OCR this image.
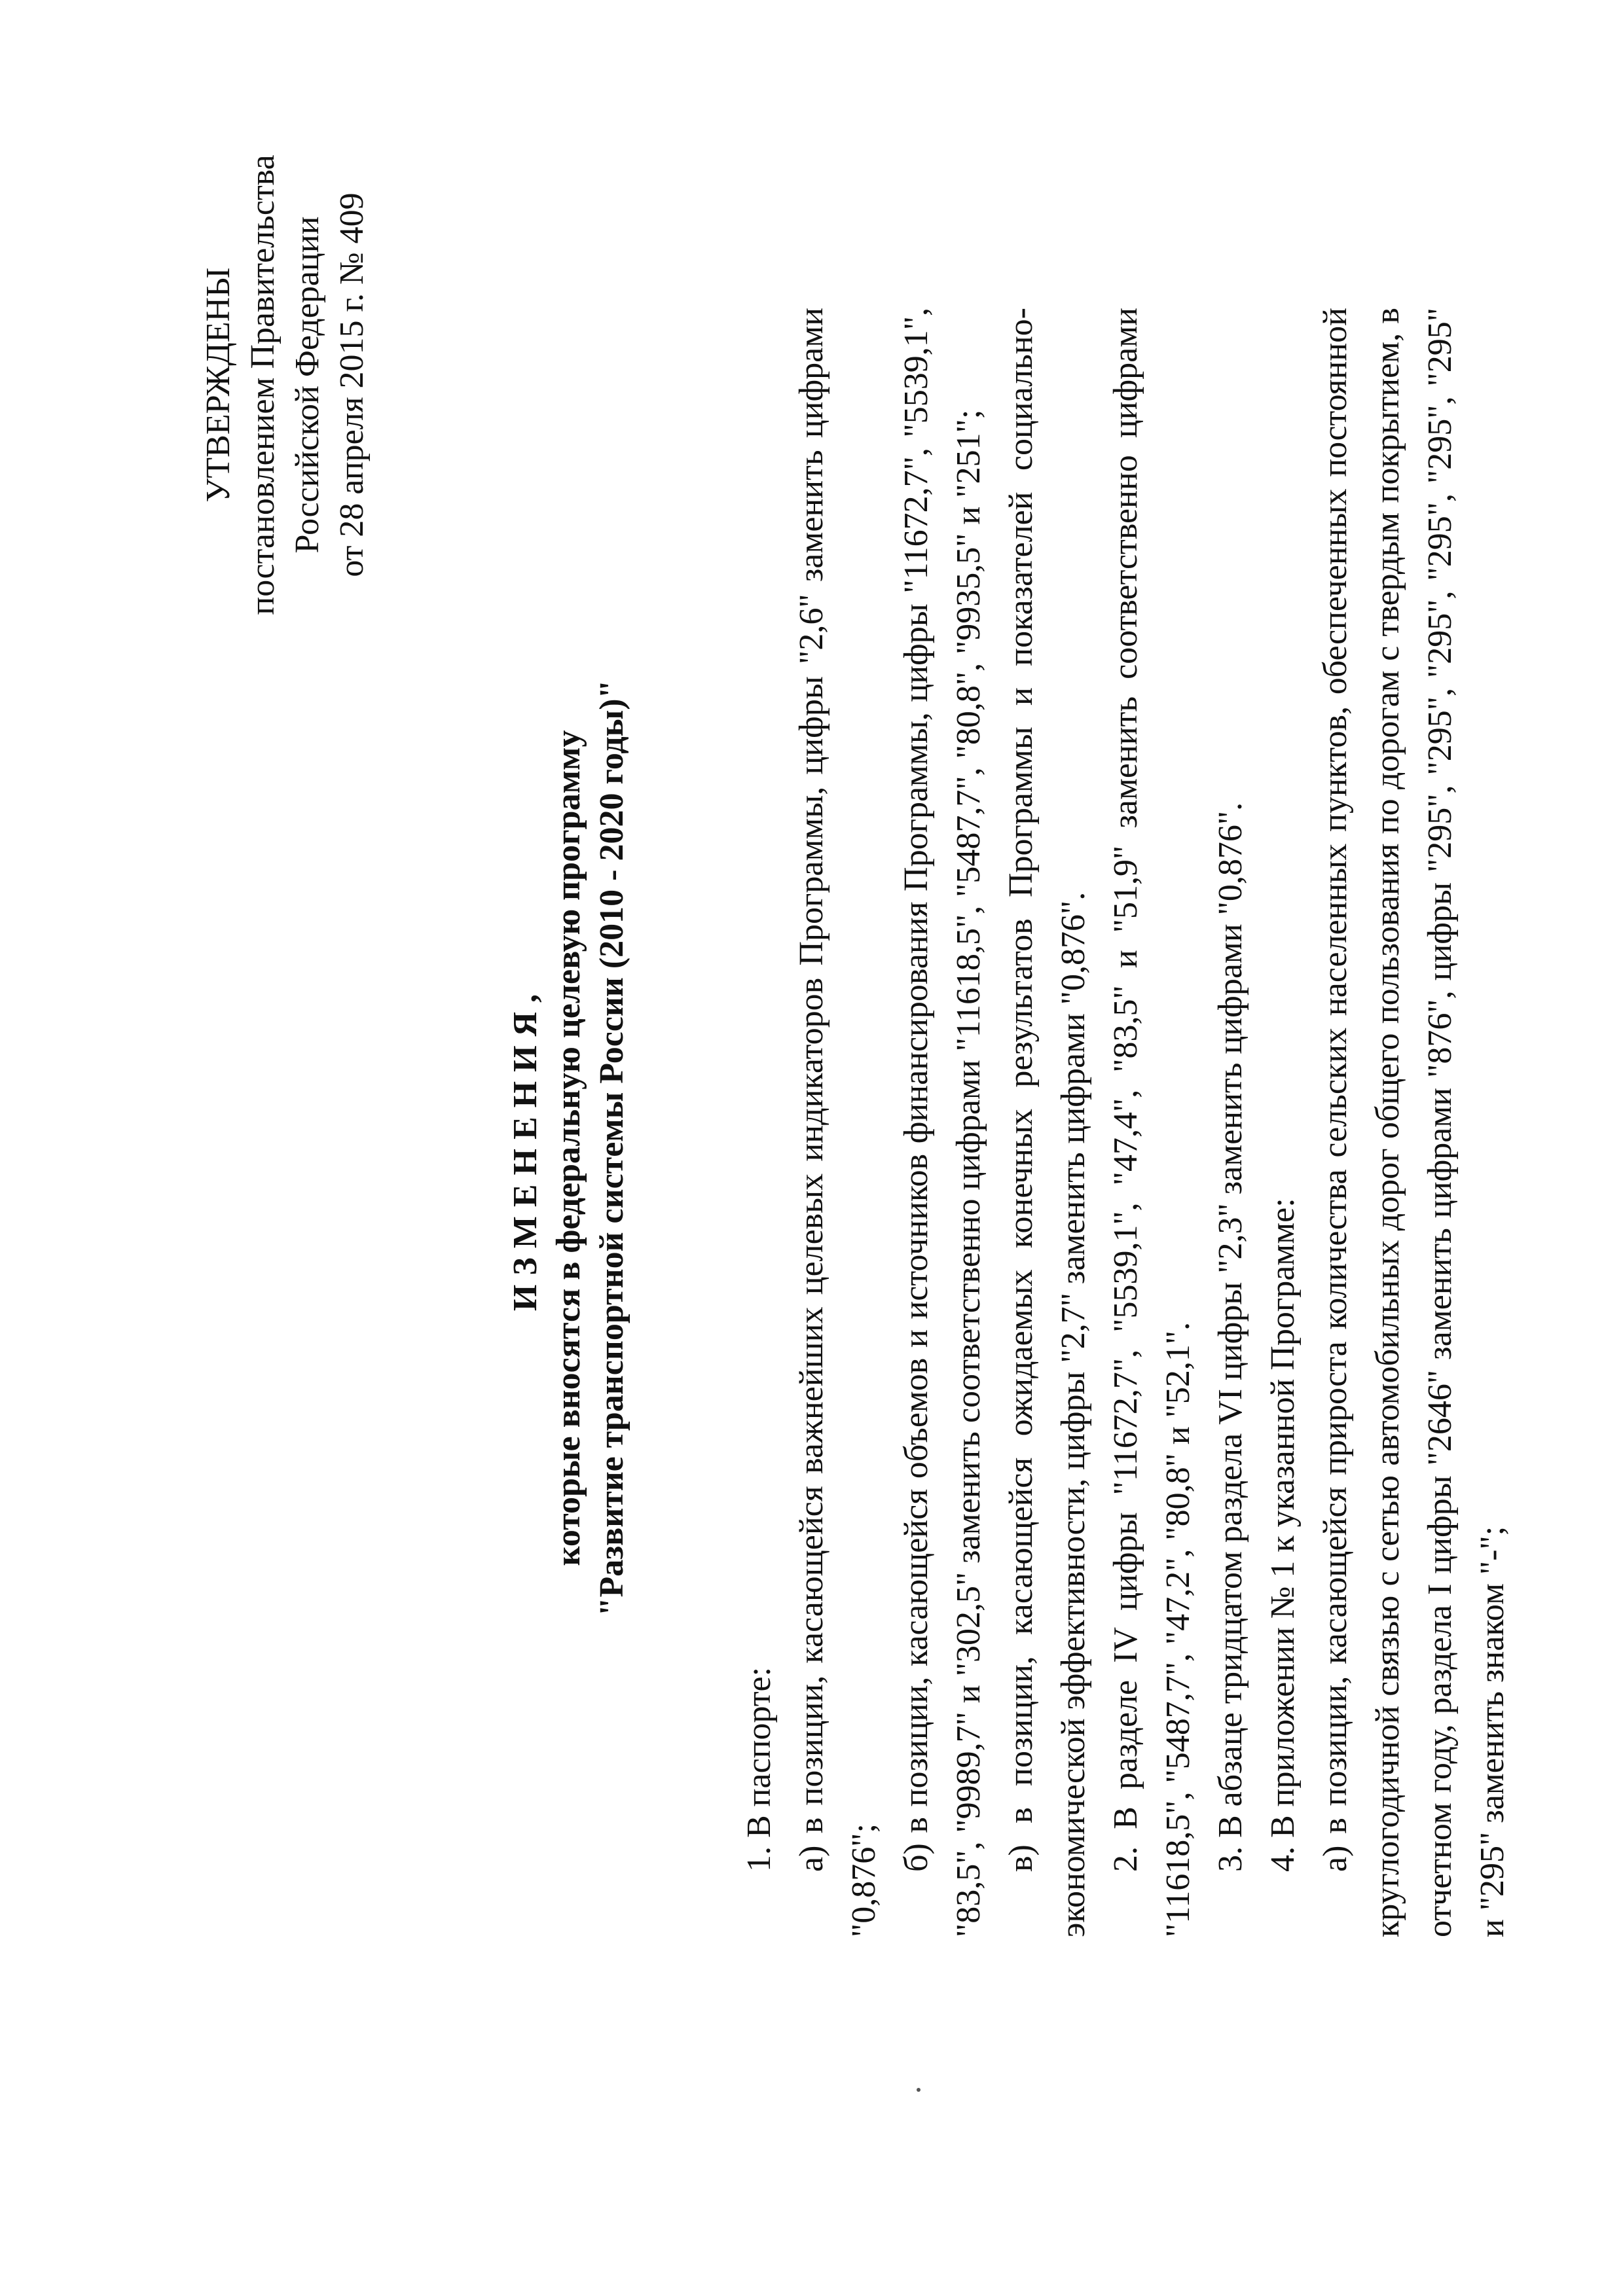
УТВЕРЖДЕНЫ постановлением Правительства Российской Федерации от 28 апреля 2015 г. № 409
ИЗМЕНЕНИЯ, которые вносятся в федеральную целевую программу "Развитие транспортной системы России (2010 - 2020 годы)"

1. В паспорте: а) в позиции, касающейся важнейших целевых индикаторов Программы, цифры "2,6" заменить цифрами "0,876";

б) в позиции, касающейся объемов и источников финансирования Программы, цифры "11672,7", "5539,1", "83,5", "9989,7" и "302,5" заменить соответственно цифрами "11618,5", "5487,7", "80,8", "9935,5" и "251"; в) в позиции, касающейся ожидаемых конечных результатов Программы и показателей социально-экономической эффективности, цифры "2,7" заменить цифрами "0,876". 2. В разделе IV цифры "11672,7", "5539,1", "47,4", "83,5" и "51,9" заменить соответственно цифрами "11618,5", "5487,7", "47,2", "80,8" и "52,1". 3. В абзаце тридцатом раздела VI цифры "2,3" заменить цифрами "0,876". 4. В приложении № 1 к указанной Программе: а) в позиции, касающейся прироста количества сельских населенных пунктов, обеспеченных постоянной круглогодичной связью с сетью автомобильных дорог общего пользования по дорогам с твердым покрытием, в отчетном году, раздела I цифры "2646" заменить цифрами "876", цифры "295", "295", "295", "295", "295", "295" и "295" заменить знаком "-";
